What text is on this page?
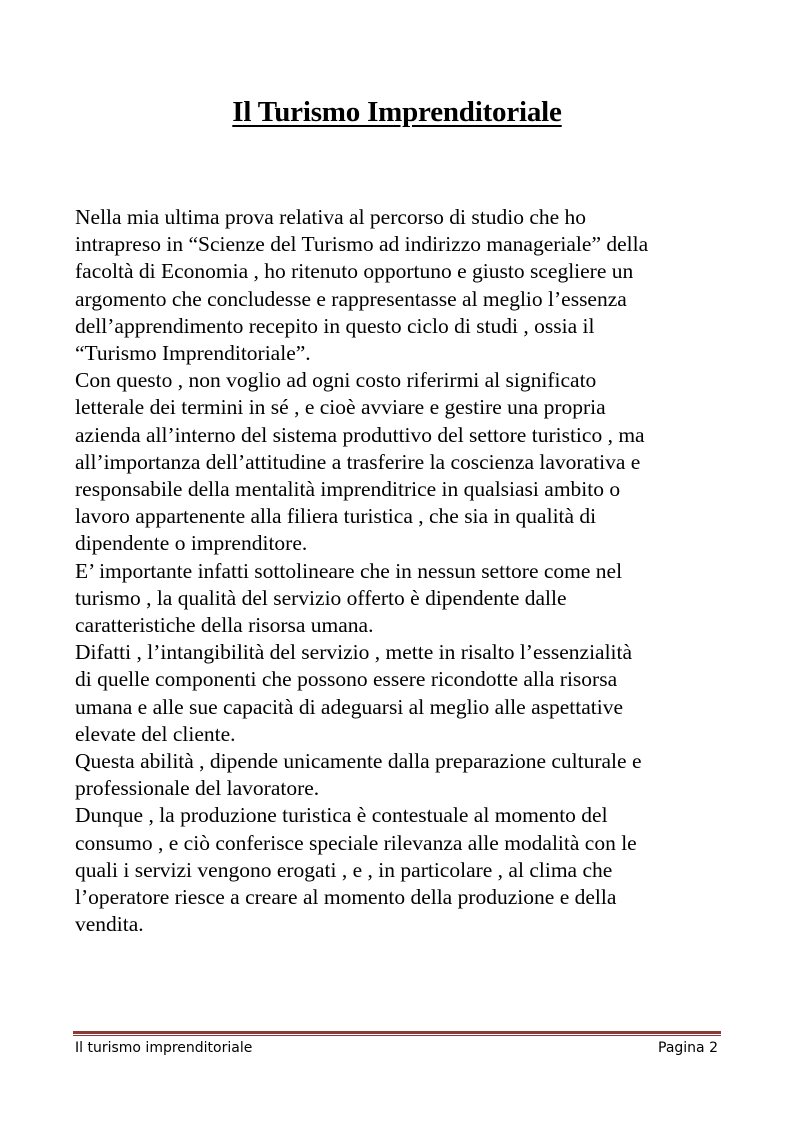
Il Turismo Imprenditoriale
Nella mia ultima prova relativa al percorso di studio che ho
intrapreso in “Scienze del Turismo ad indirizzo manageriale” della
facoltà di Economia , ho ritenuto opportuno e giusto scegliere un
argomento che concludesse e rappresentasse al meglio l’essenza
dell’apprendimento recepito in questo ciclo di studi , ossia il
“Turismo Imprenditoriale”.
Con questo , non voglio ad ogni costo riferirmi al significato
letterale dei termini in sé , e cioè avviare e gestire una propria
azienda all’interno del sistema produttivo del settore turistico , ma
all’importanza dell’attitudine a trasferire la coscienza lavorativa e
responsabile della mentalità imprenditrice in qualsiasi ambito o
lavoro appartenente alla filiera turistica , che sia in qualità di
dipendente o imprenditore.
E’ importante infatti sottolineare che in nessun settore come nel
turismo , la qualità del servizio offerto è dipendente dalle
caratteristiche della risorsa umana.
Difatti , l’intangibilità del servizio , mette in risalto l’essenzialità
di quelle componenti che possono essere ricondotte alla risorsa
umana e alle sue capacità di adeguarsi al meglio alle aspettative
elevate del cliente.
Questa abilità , dipende unicamente dalla preparazione culturale e
professionale del lavoratore.
Dunque , la produzione turistica è contestuale al momento del
consumo , e ciò conferisce speciale rilevanza alle modalità con le
quali i servizi vengono erogati , e , in particolare , al clima che
l’operatore riesce a creare al momento della produzione e della
vendita.
Il turismo imprenditoriale	Pagina 2
